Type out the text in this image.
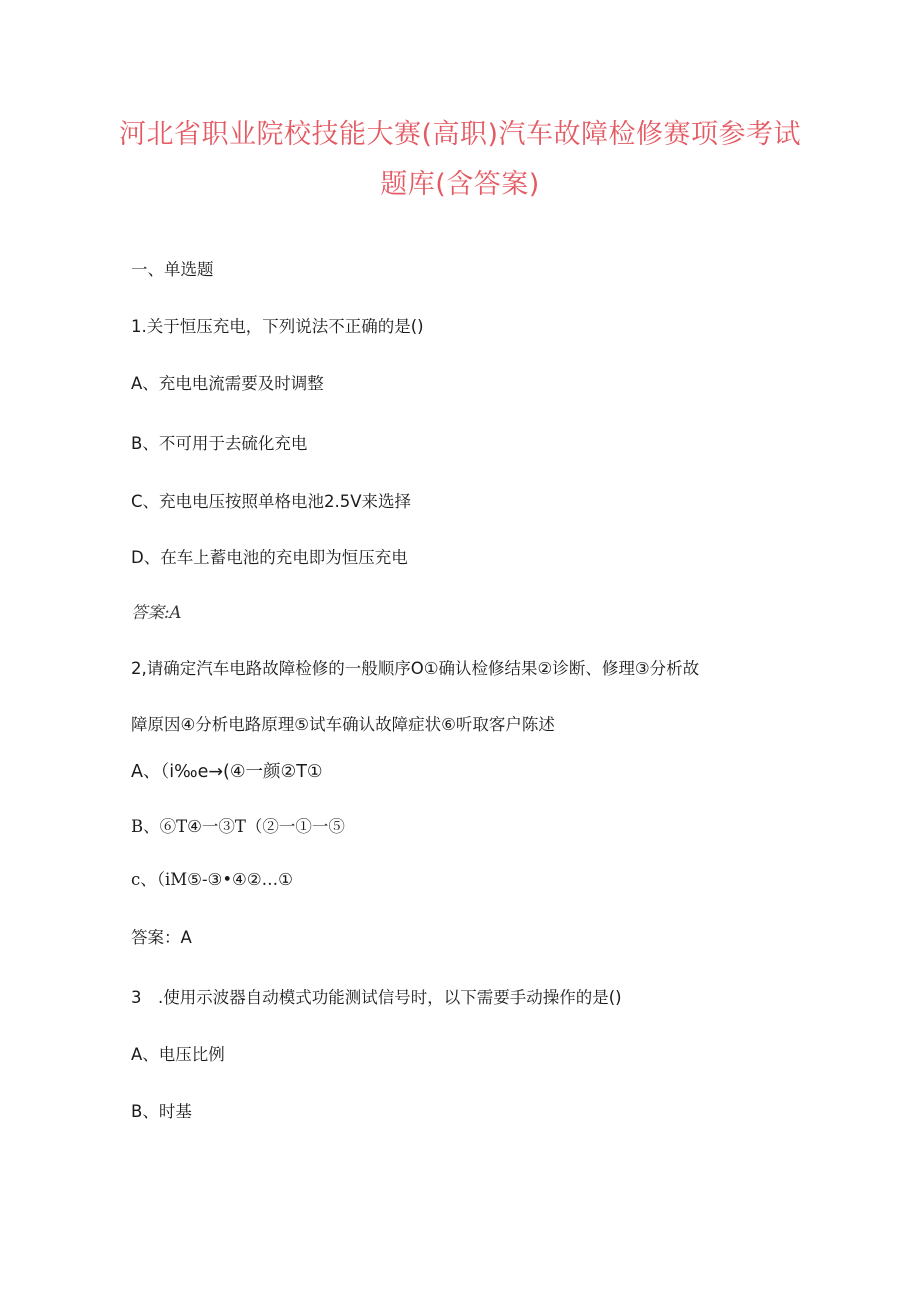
河北省职业院校技能大赛(高职)汽车故障检修赛项参考试
题库(含答案)
一、单选题
1.关于恒压充电，下列说法不正确的是()
A、充电电流需要及时调整
B、不可用于去硫化充电
C、充电电压按照单格电池2.5V来选择
D、在车上蓄电池的充电即为恒压充电
答案:A
2,请确定汽车电路故障检修的一般顺序O①确认检修结果②诊断、修理③分析故
障原因④分析电路原理⑤试车确认故障症状⑥听取客户陈述
A、（i‰e→(④一颜②T①
B、⑥T④一③T（②一①一⑤
c、（iM⑤-③•④②…①
答案：A
3　.使用示波器自动模式功能测试信号时，以下需要手动操作的是()
A、电压比例
B、时基
